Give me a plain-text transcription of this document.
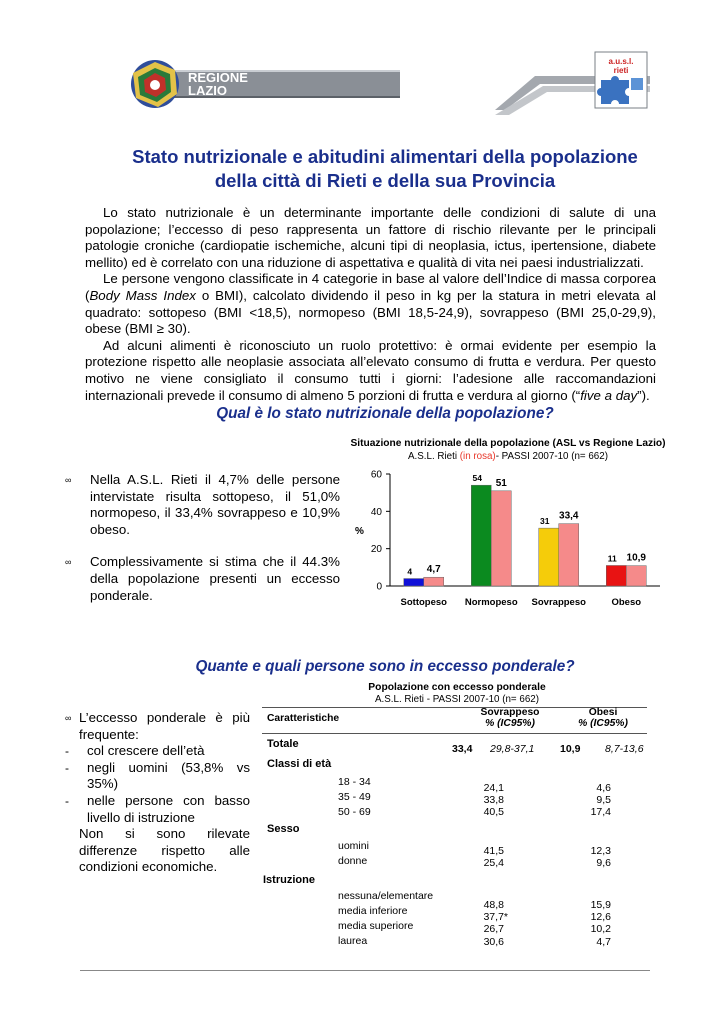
REGIONE
LAZIO
a.u.s.l.
rieti
Stato nutrizionale e abitudini alimentari della popolazione
della città di Rieti e della sua Provincia

Lo stato nutrizionale è un determinante importante delle condizioni di salute di una popolazione; l’eccesso di peso rappresenta un fattore di rischio rilevante per le principali patologie croniche (cardiopatie ischemiche, alcuni tipi di neoplasia, ictus, ipertensione, diabete mellito) ed è correlato con una riduzione di aspettativa e qualità di vita nei paesi industrializzati.

Le persone vengono classificate in 4 categorie in base al valore dell’Indice di massa corporea (Body Mass Index o BMI), calcolato dividendo il peso in kg per la statura in metri elevata al quadrato: sottopeso (BMI <18,5), normopeso (BMI 18,5-24,9), sovrappeso (BMI 25,0-29,9), obese (BMI ≥ 30).

Ad alcuni alimenti è riconosciuto un ruolo protettivo: è ormai evidente per esempio la protezione rispetto alle neoplasie associata all’elevato consumo di frutta e verdura. Per questo motivo ne viene consigliato il consumo tutti i giorni: l’adesione alle raccomandazioni internazionali prevede il consumo di almeno 5 porzioni di frutta e verdura al giorno (“five a day”).

Qual è lo stato nutrizionale della popolazione?
∞ Nella A.S.L. Rieti il 4,7% delle persone intervistate risulta sottopeso, il 51,0% normopeso, il 33,4% sovrappeso e 10,9% obeso.
∞ Complessivamente si stima che il 44.3% della popolazione presenti un eccesso ponderale.
Situazione nutrizionale della popolazione (ASL vs Regione Lazio)
A.S.L. Rieti (in rosa)- PASSI 2007-10 (n= 662)
%
0
20
40
60
4 4,7
Sottopeso
54 51
Normopeso
31 33,4
Sovrappeso
11 10,9
Obeso
Quante e quali persone sono in eccesso ponderale?
∞ L’eccesso ponderale è più frequente:
- col crescere dell’età
- negli uomini (53,8% vs 35%)
- nelle persone con basso livello di istruzione
Non si sono rilevate differenze rispetto alle condizioni economiche.
Popolazione con eccesso ponderale
A.S.L. Rieti - PASSI 2007-10 (n= 662)
Caratteristiche
Sovrappeso
% (IC95%)
Obesi
% (IC95%)
Totale	33,4 29,8-37,1 10,9 8,7-13,6
Classi di età
18 - 34
35 - 49
50 - 69
24,1
33,8
40,5
4,6
9,5
17,4
Sesso
uomini
donne
41,5
25,4
12,3
9,6
Istruzione
nessuna/elementare
media inferiore
media superiore
laurea
48,8
37,7*
26,7
30,6
15,9
12,6
10,2
4,7
